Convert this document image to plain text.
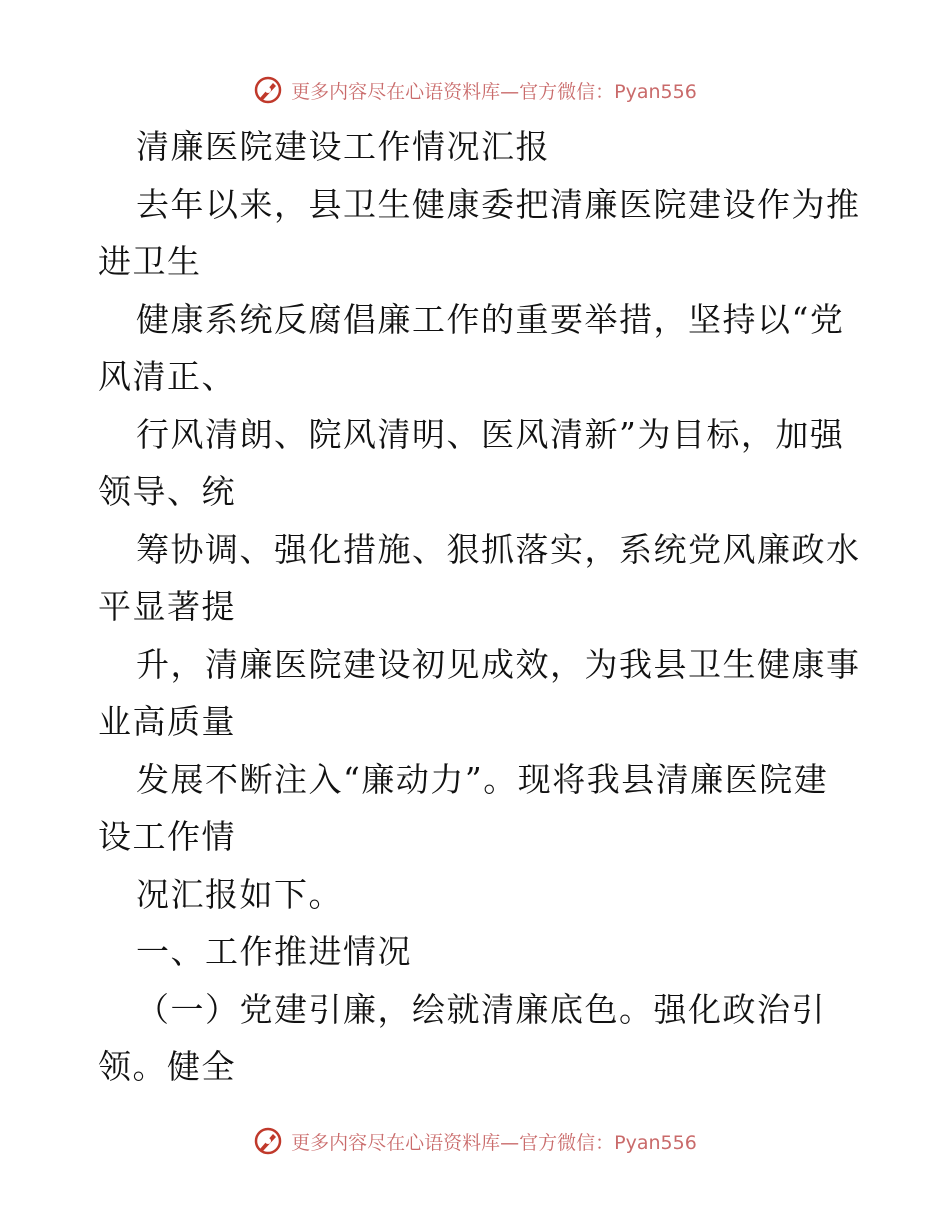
更多内容尽在心语资料库—官方微信：Pyan556
清廉医院建设工作情况汇报
去年以来，县卫生健康委把清廉医院建设作为推
进卫生
健康系统反腐倡廉工作的重要举措，坚持以“党
风清正、
行风清朗、院风清明、医风清新”为目标，加强
领导、统
筹协调、强化措施、狠抓落实，系统党风廉政水
平显著提
升，清廉医院建设初见成效，为我县卫生健康事
业高质量
发展不断注入“廉动力”。现将我县清廉医院建
设工作情
况汇报如下。
一、工作推进情况
（一）党建引廉，绘就清廉底色。强化政治引
领。健全
更多内容尽在心语资料库—官方微信：Pyan556
